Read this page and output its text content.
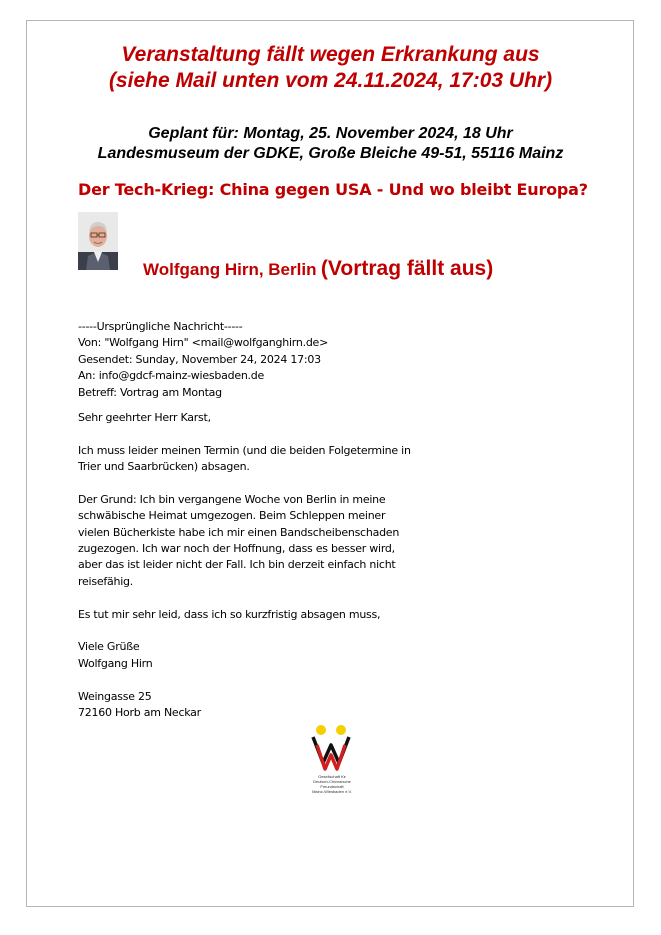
Veranstaltung fällt wegen Erkrankung aus
(siehe Mail unten vom 24.11.2024, 17:03 Uhr)
Geplant für: Montag, 25. November 2024, 18 Uhr
Landesmuseum der GDKE, Große Bleiche 49-51, 55116 Mainz
Der Tech-Krieg: China gegen USA - Und wo bleibt Europa?
Wolfgang Hirn, Berlin (Vortrag fällt aus)
-----Ursprüngliche Nachricht-----
Von: "Wolfgang Hirn" <mail@wolfganghirn.de>
Gesendet: Sunday, November 24, 2024 17:03
An: info@gdcf-mainz-wiesbaden.de
Betreff: Vortrag am Montag
Sehr geehrter Herr Karst,
Ich muss leider meinen Termin (und die beiden Folgetermine in
Trier und Saarbrücken) absagen.
Der Grund: Ich bin vergangene Woche von Berlin in meine
schwäbische Heimat umgezogen. Beim Schleppen meiner
vielen Bücherkiste habe ich mir einen Bandscheibenschaden
zugezogen. Ich war noch der Hoffnung, dass es besser wird,
aber das ist leider nicht der Fall. Ich bin derzeit einfach nicht
reisefähig.
Es tut mir sehr leid, dass ich so kurzfristig absagen muss,
Viele Grüße
Wolfgang Hirn
Weingasse 25
72160 Horb am Neckar
Gesellschaft für
Deutsch-Chinesische
Freundschaft
Mainz-Wiesbaden e.V.
